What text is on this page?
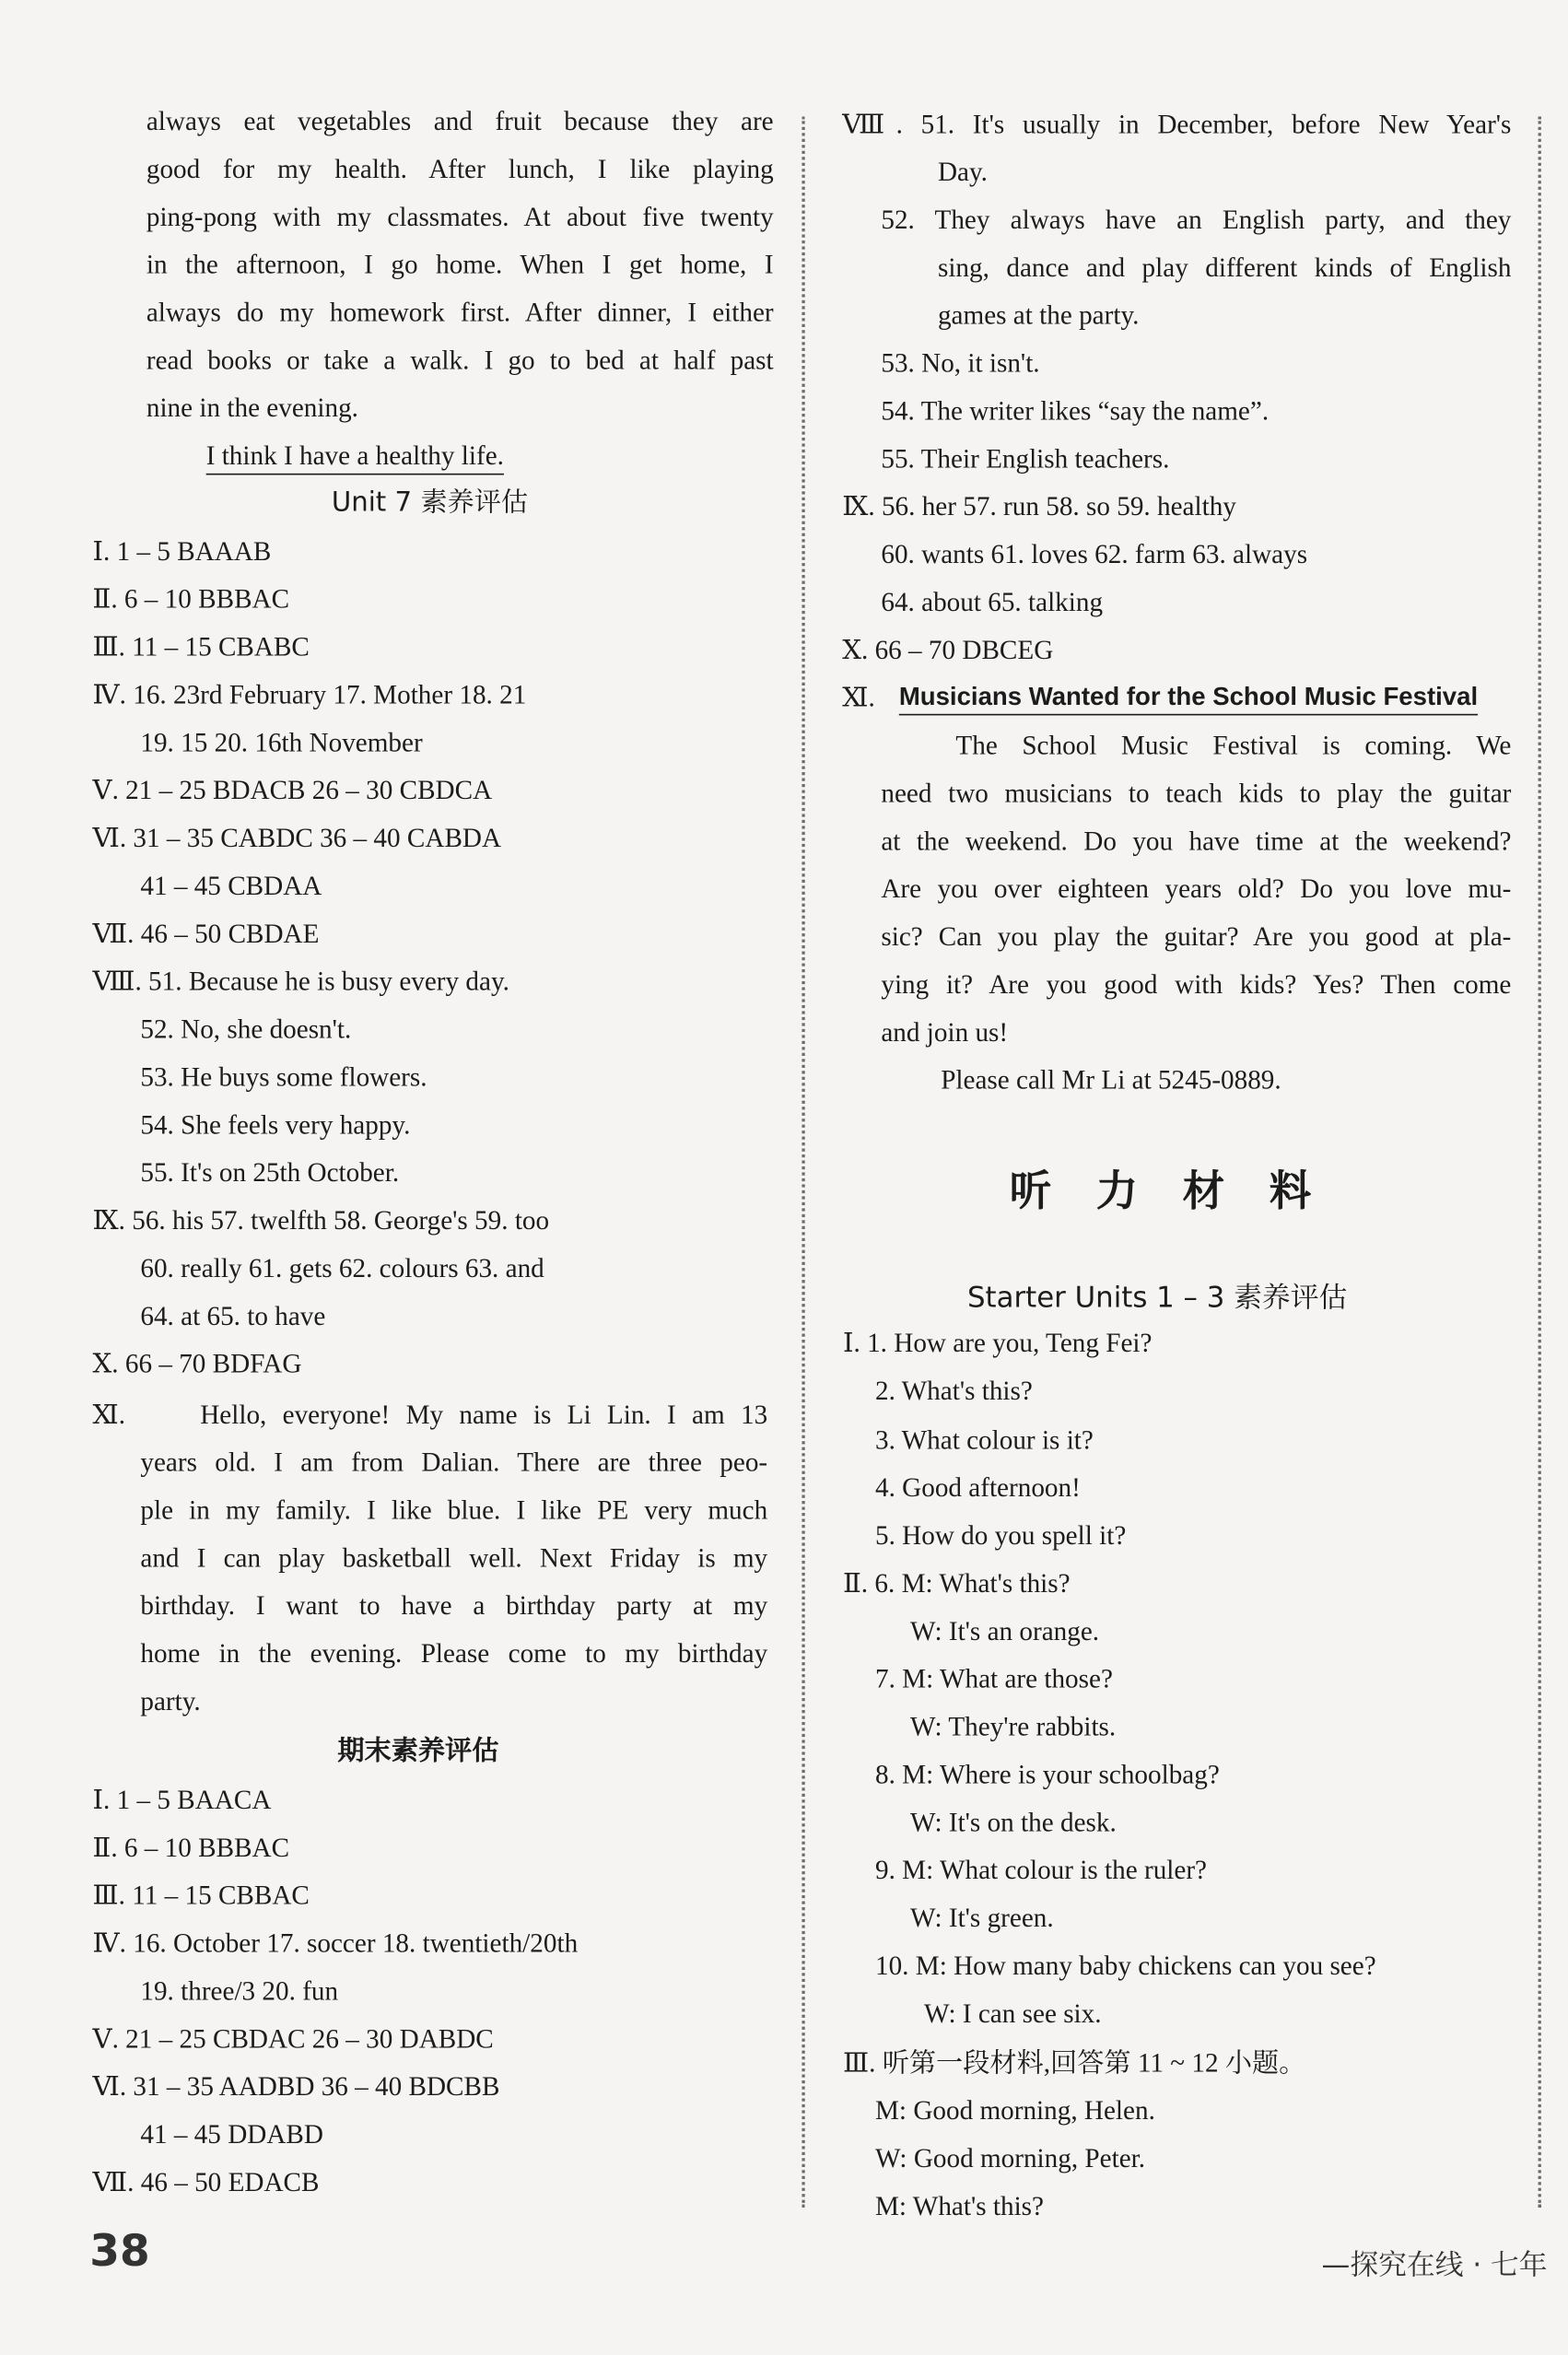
always eat vegetables and fruit because they are
good for my health. After lunch, I like playing
ping-pong with my classmates. At about five twenty
in the afternoon, I go home. When I get home, I
always do my homework first. After dinner, I either
read books or take a walk. I go to bed at half past
nine in the evening.
I think I have a healthy life.
Unit 7 素养评估
Ⅰ. 1 – 5 BAAAB
Ⅱ. 6 – 10 BBBAC
Ⅲ. 11 – 15 CBABC
Ⅳ. 16. 23rd February 17. Mother 18. 21
19. 15 20. 16th November
Ⅴ. 21 – 25 BDACB 26 – 30 CBDCA
Ⅵ. 31 – 35 CABDC 36 – 40 CABDA
41 – 45 CBDAA
Ⅶ. 46 – 50 CBDAE
Ⅷ. 51. Because he is busy every day.
52. No, she doesn't.
53. He buys some flowers.
54. She feels very happy.
55. It's on 25th October.
Ⅸ. 56. his 57. twelfth 58. George's 59. too
60. really 61. gets 62. colours 63. and
64. at 65. to have
Ⅹ. 66 – 70 BDFAG
Ⅺ.	Hello, everyone! My name is Li Lin. I am 13
years old. I am from Dalian. There are three peo-
ple in my family. I like blue. I like PE very much
and I can play basketball well. Next Friday is my
birthday. I want to have a birthday party at my
home in the evening. Please come to my birthday
party.
期末素养评估
Ⅰ. 1 – 5 BAACA
Ⅱ. 6 – 10 BBBAC
Ⅲ. 11 – 15 CBBAC
Ⅳ. 16. October 17. soccer 18. twentieth/20th
19. three/3 20. fun
Ⅴ. 21 – 25 CBDAC 26 – 30 DABDC
Ⅵ. 31 – 35 AADBD 36 – 40 BDCBB
41 – 45 DDABD
Ⅶ. 46 – 50 EDACB
Ⅷ. 51. It's usually in December, before New Year's
Day.
52. They always have an English party, and they
sing, dance and play different kinds of English
games at the party.
53. No, it isn't.
54. The writer likes “say the name”.
55. Their English teachers.
Ⅸ. 56. her 57. run 58. so 59. healthy
60. wants 61. loves 62. farm 63. always
64. about 65. talking
Ⅹ. 66 – 70 DBCEG
Ⅺ. Musicians Wanted for the School Music Festival
The School Music Festival is coming. We
need two musicians to teach kids to play the guitar
at the weekend. Do you have time at the weekend?
Are you over eighteen years old? Do you love mu-
sic? Can you play the guitar? Are you good at pla-
ying it? Are you good with kids? Yes? Then come
and join us!
Please call Mr Li at 5245-0889.
听力材料
Starter Units 1 – 3 素养评估
Ⅰ. 1. How are you, Teng Fei?
2. What's this?
3. What colour is it?
4. Good afternoon!
5. How do you spell it?
Ⅱ. 6. M: What's this?
W: It's an orange.
7. M: What are those?
W: They're rabbits.
8. M: Where is your schoolbag?
W: It's on the desk.
9. M: What colour is the ruler?
W: It's green.
10. M: How many baby chickens can you see?
W: I can see six.
Ⅲ. 听第一段材料,回答第 11 ~ 12 小题。
M: Good morning, Helen.
W: Good morning, Peter.
M: What's this?
38	—探究在线 · 七年
